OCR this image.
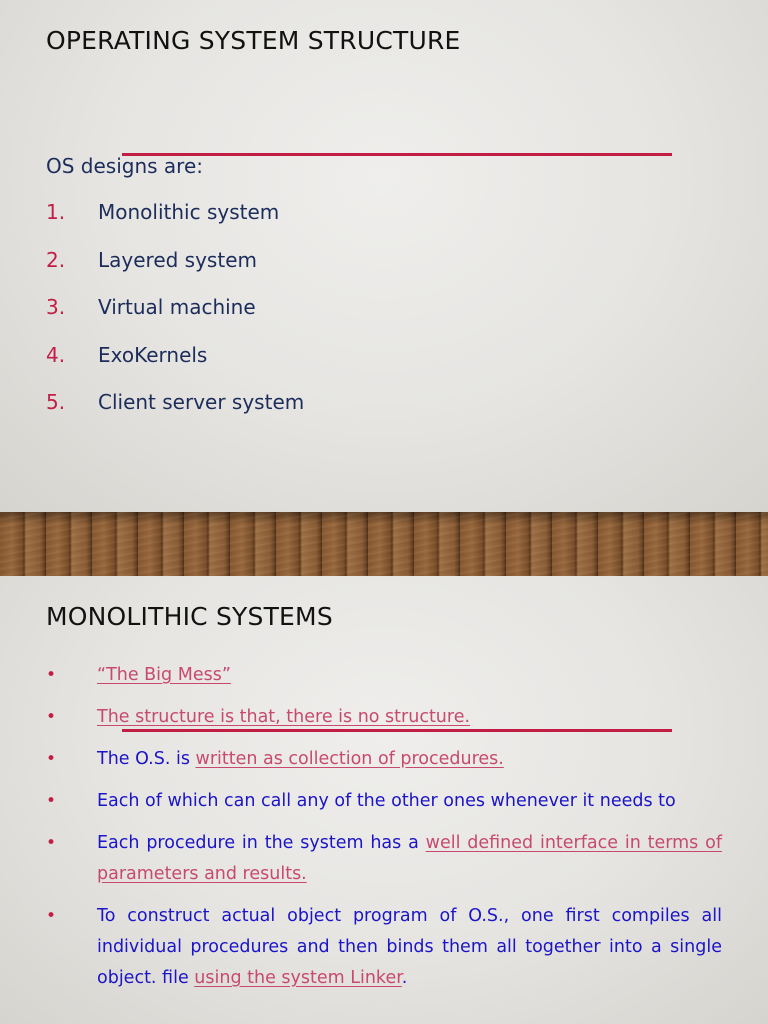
OPERATING SYSTEM STRUCTURE

OS designs are:

1.	Monolithic system
2.	Layered system
3.	Virtual machine
4.	ExoKernels
5.	Client server system
MONOLITHIC SYSTEMS
• “The Big Mess”
• The structure is that, there is no structure.
• The O.S. is written as collection of procedures.
• Each of which can call any of the other ones whenever it needs to
• Each procedure in the system has a well defined interface in terms of parameters and results.
• To construct actual object program of O.S., one first compiles all individual procedures and then binds them all together into a single object. file using the system Linker.
